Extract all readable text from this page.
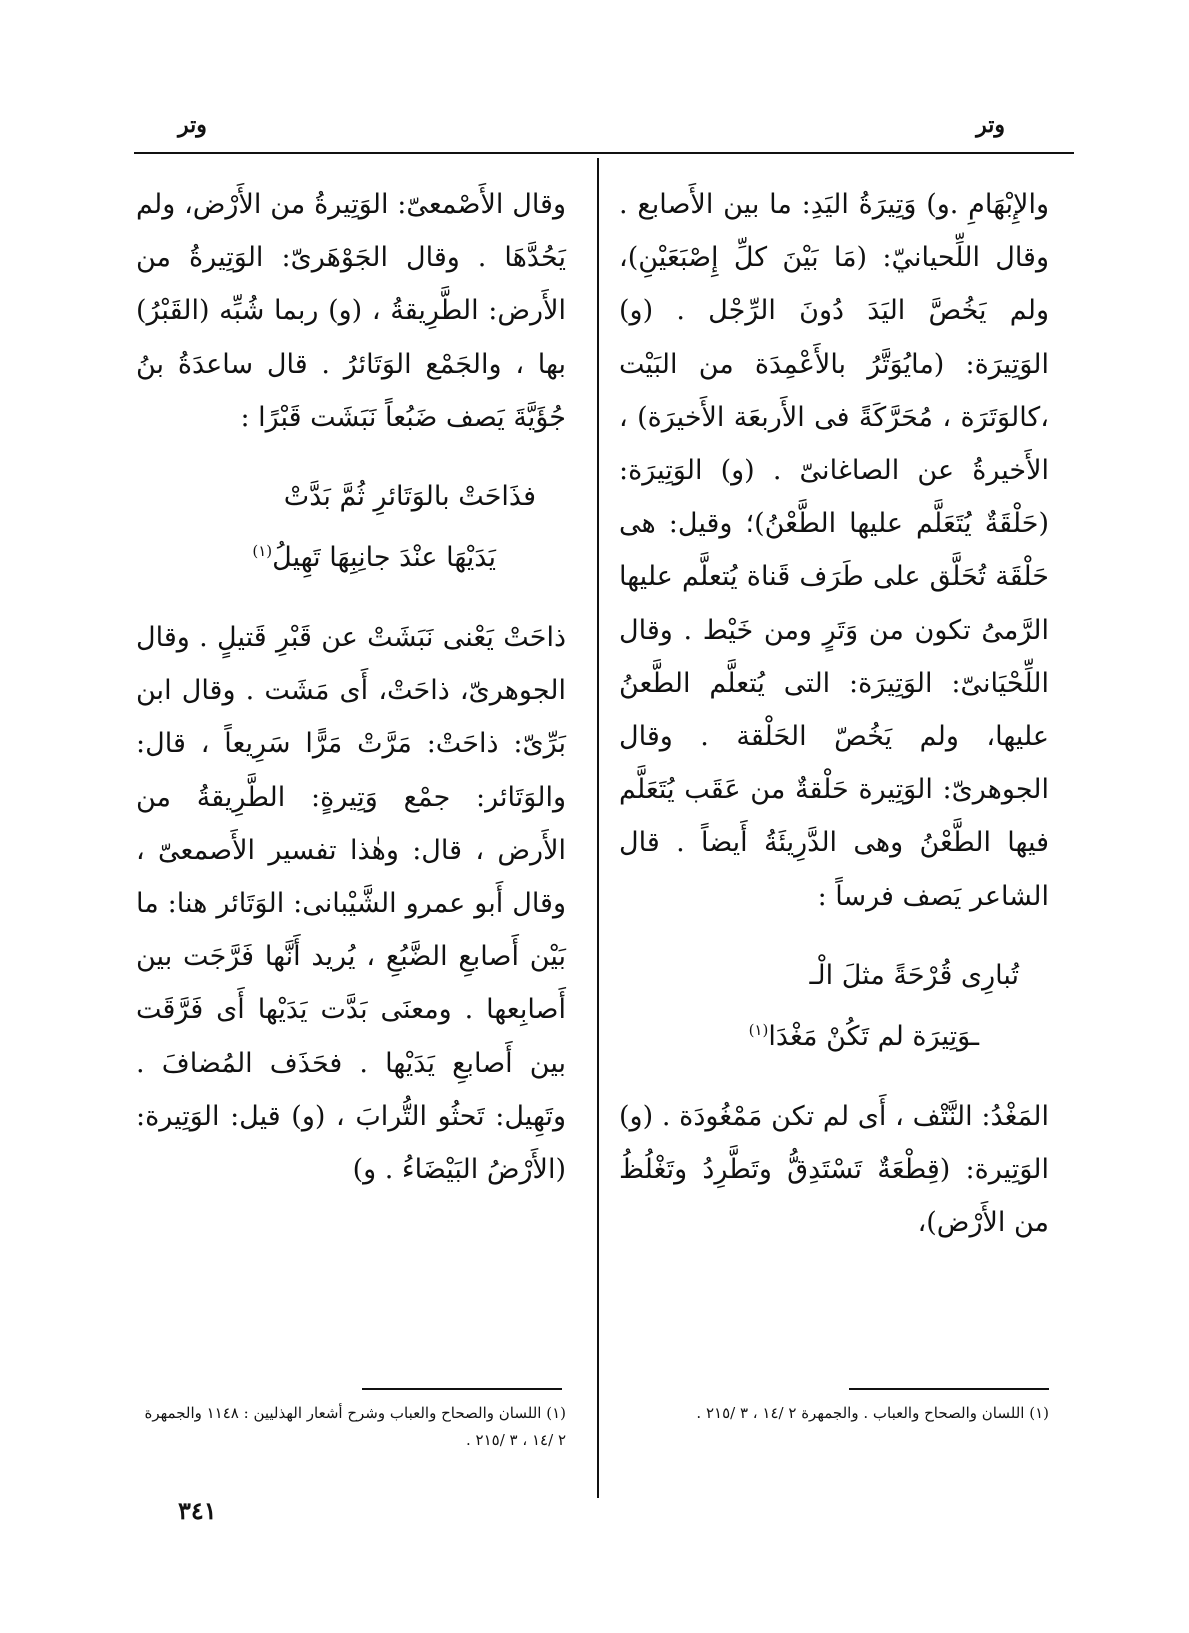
وتر
وتر

والإِبْهَامِ .و) وَتِيرَةُ اليَدِ: ما بين الأَصابع . وقال اللِّحيانيّ: (مَا بَيْنَ كلِّ إِصْبَعَيْنِ)، ولم يَخُصَّ اليَدَ دُونَ الرِّجْل . (و) الوَتِيرَة: (مايُوَتَّرُ بالأَعْمِدَة من البَيْت ،كالوَتَرَة ، مُحَرَّكَةً فى الأَربعَة الأَخيرَة) ، الأَخيرةُ عن الصاغانىّ . (و) الوَتِيرَة: (حَلْقَةٌ يُتَعَلَّم عليها الطَّعْنُ)؛ وقيل: هى حَلْقَة تُحَلَّق على طَرَف قَناة يُتعلَّم عليها الرَّمىُ تكون من وَتَرٍ ومن خَيْط . وقال اللِّحْيَانىّ: الوَتِيرَة: التى يُتعلَّم الطَّعنُ عليها، ولم يَخُصّ الحَلْقة . وقال الجوهرىّ: الوَتِيرة حَلْقةٌ من عَقَب يُتَعَلَّم فيها الطَّعْنُ وهى الدَّرِيئَةُ أَيضاً . قال الشاعر يَصف فرساً :

تُبارِى قُرْحَةً مثلَ الْـ
ـوَتِيرَة لم تَكُنْ مَغْدَا$^{(١)}$

المَغْدُ: النَّتْف ، أَى لم تكن مَمْغُودَة . (و) الوَتِيرة: (قِطْعَةٌ تَسْتَدِقُّ وتَطَّرِدُ وتَغْلُظُ من الأَرْض)،

وقال الأَصْمعىّ: الوَتِيرةُ من الأَرْض، ولم يَحُدَّهَا . وقال الجَوْهَرىّ: الوَتِيرةُ من الأَرض: الطَّرِيقةُ ، (و) ربما شُبِّه (القَبْرُ) بها ، والجَمْع الوَتَائرُ . قال ساعدَةُ بنُ جُؤَيَّةَ يَصف ضَبُعاً نَبَشَت قَبْرًا :

فذَاحَتْ بالوَتَائرِ ثُمَّ بَدَّتْ
يَدَيْهَا عنْدَ جانِبِهَا تَهِيلُ$^{(١)}$

ذاحَتْ يَعْنى نَبَشَتْ عن قَبْرِ قَتيلٍ . وقال الجوهرىّ، ذاحَتْ، أَى مَشَت . وقال ابن بَرِّىّ: ذاحَتْ: مَرَّتْ مَرًّا سَرِيعاً ، قال: والوَتَائر: جمْع وَتِيرةٍ: الطَّرِيقةُ من الأَرض ، قال: وهٰذا تفسير الأَصمعىّ ، وقال أَبو عمرو الشَّيْبانى: الوَتَائر هنا: ما بَيْن أَصابعِ الضَّبُعِ ، يُريد أَنَّها فَرَّجَت بين أَصابِعها . ومعنَى بَدَّت يَدَيْها أَى فَرَّقَت بين أَصابعِ يَدَيْها . فحَذَف المُضافَ . وتَهِيل: تَحثُو التُّرابَ ، (و) قيل: الوَتِيرة: (الأَرْضُ البَيْضَاءُ . و)

(١) اللسان والصحاح والعباب . والجمهرة ٢ /١٤ ، ٣ /٢١٥ .
(١) اللسان والصحاح والعباب وشرح أشعار الهذليين : ١١٤٨ والجمهرة ٢ /١٤ ، ٣ /٢١٥ .
٣٤١
